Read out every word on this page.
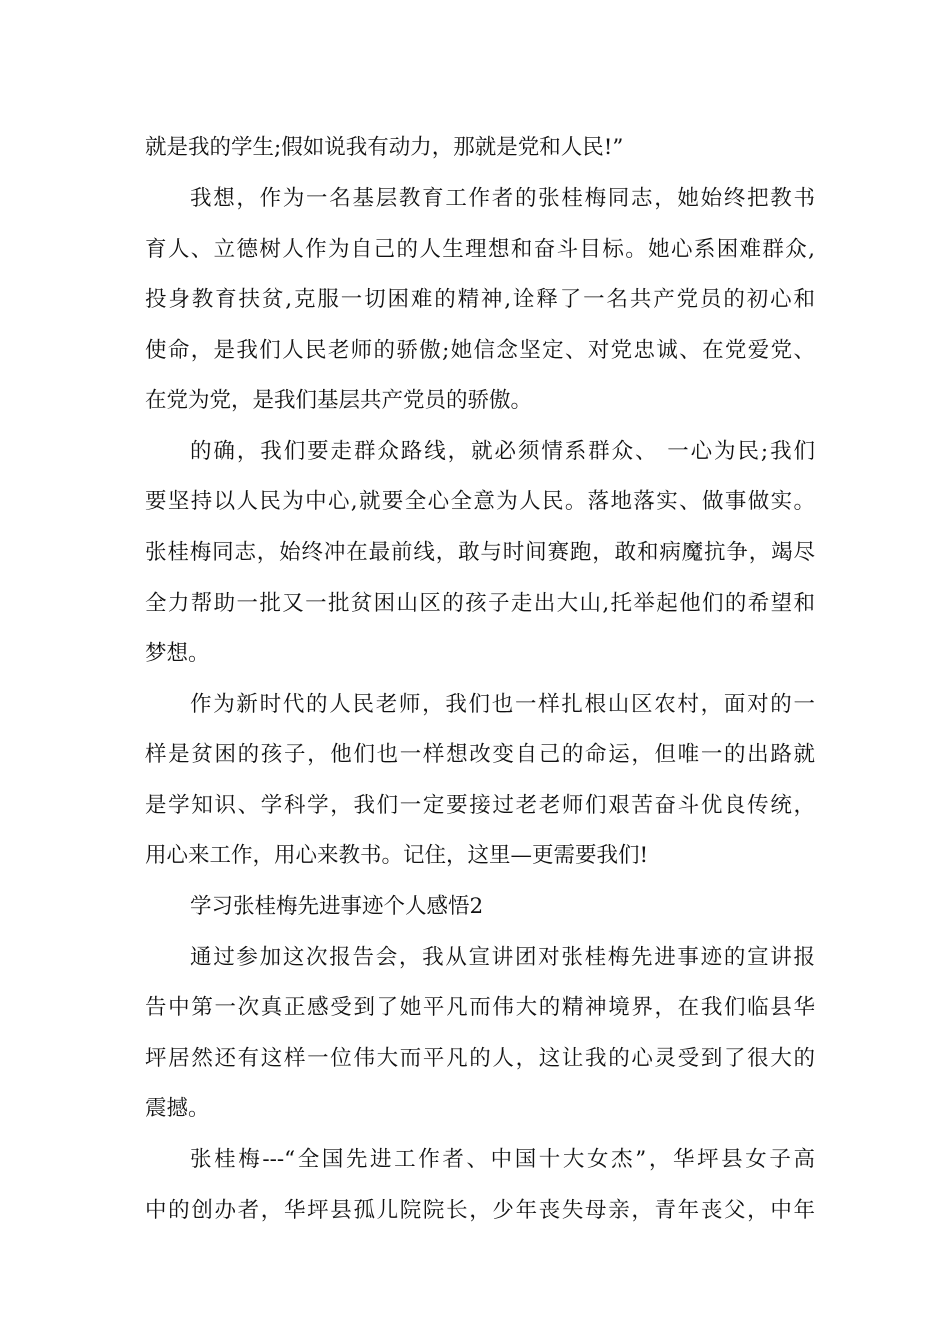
就是我的学生;假如说我有动力，那就是党和人民!”
我想，作为一名基层教育工作者的张桂梅同志，她始终把教书
育人、立德树人作为自己的人生理想和奋斗目标。她心系困难群众,
投身教育扶贫,克服一切困难的精神,诠释了一名共产党员的初心和
使命，是我们人民老师的骄傲;她信念坚定、对党忠诚、在党爱党、
在党为党，是我们基层共产党员的骄傲。
的确，我们要走群众路线，就必须情系群众、 一心为民;我们
要坚持以人民为中心,就要全心全意为人民。落地落实、做事做实。
张桂梅同志，始终冲在最前线，敢与时间赛跑，敢和病魔抗争，竭尽
全力帮助一批又一批贫困山区的孩子走出大山,托举起他们的希望和
梦想。
作为新时代的人民老师，我们也一样扎根山区农村，面对的一
样是贫困的孩子，他们也一样想改变自己的命运，但唯一的出路就
是学知识、学科学，我们一定要接过老老师们艰苦奋斗优良传统，
用心来工作，用心来教书。记住，这里—更需要我们!
学习张桂梅先进事迹个人感悟2
通过参加这次报告会，我从宣讲团对张桂梅先进事迹的宣讲报
告中第一次真正感受到了她平凡而伟大的精神境界，在我们临县华
坪居然还有这样一位伟大而平凡的人，这让我的心灵受到了很大的
震撼。
张桂梅---“全国先进工作者、中国十大女杰”，华坪县女子高
中的创办者，华坪县孤儿院院长，少年丧失母亲，青年丧父，中年
